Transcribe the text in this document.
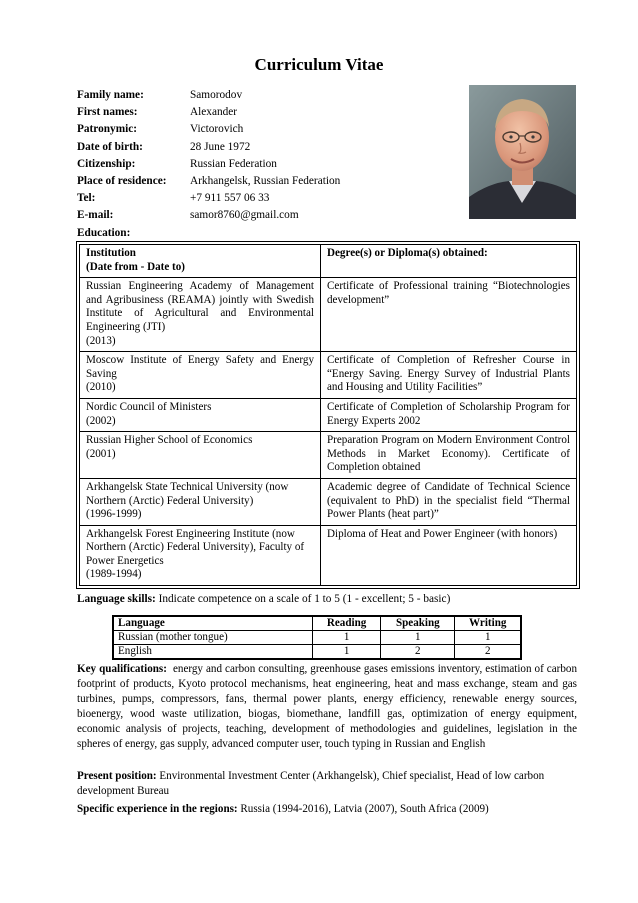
Curriculum Vitae
Family name:	Samorodov
First names:	Alexander
Patronymic:	Victorovich
Date of birth:	28 June 1972
Citizenship:	Russian Federation
Place of residence: Arkhangelsk, Russian Federation
Tel:	+7 911 557 06 33
E-mail:	samor8760@gmail.com
Education:
Institution
(Date from - Date to)	Degree(s) or Diploma(s) obtained:

Russian Engineering Academy of Management and Agribusiness (REAMA) jointly with Swedish Institute of Agricultural and Environmental Engineering (JTI)
(2013)	Certificate of Professional training “Biotechnologies development”

Moscow Institute of Energy Safety and Energy Saving
(2010)	Certificate of Completion of Refresher Course in “Energy Saving. Energy Survey of Industrial Plants and Housing and Utility Facilities”

Nordic Council of Ministers
(2002)	Certificate of Completion of Scholarship Program for Energy Experts 2002

Russian Higher School of Economics
(2001)	Preparation Program on Modern Environment Control Methods in Market Economy). Certificate of Completion obtained

Arkhangelsk State Technical University (now Northern (Arctic) Federal University)
(1996-1999)	Academic degree of Candidate of Technical Science (equivalent to PhD) in the specialist field “Thermal Power Plants (heat part)”

Arkhangelsk Forest Engineering Institute (now Northern (Arctic) Federal University), Faculty of Power Energetics
(1989-1994)	Diploma of Heat and Power Engineer (with honors)
Language skills: Indicate competence on a scale of 1 to 5 (1 - excellent; 5 - basic)
Language	Reading	Speaking	Writing
Russian (mother tongue)	1	1	1
English	1	2	2
Key qualifications: energy and carbon consulting, greenhouse gases emissions inventory, estimation of carbon footprint of products, Kyoto protocol mechanisms, heat engineering, heat and mass exchange, steam and gas turbines, pumps, compressors, fans, thermal power plants, energy efficiency, renewable energy sources, bioenergy, wood waste utilization, biogas, biomethane, landfill gas, optimization of energy equipment, economic analysis of projects, teaching, development of methodologies and guidelines, legislation in the spheres of energy, gas supply, advanced computer user, touch typing in Russian and English
Present position: Environmental Investment Center (Arkhangelsk), Chief specialist, Head of low carbon development Bureau
Specific experience in the regions: Russia (1994-2016), Latvia (2007), South Africa (2009)
